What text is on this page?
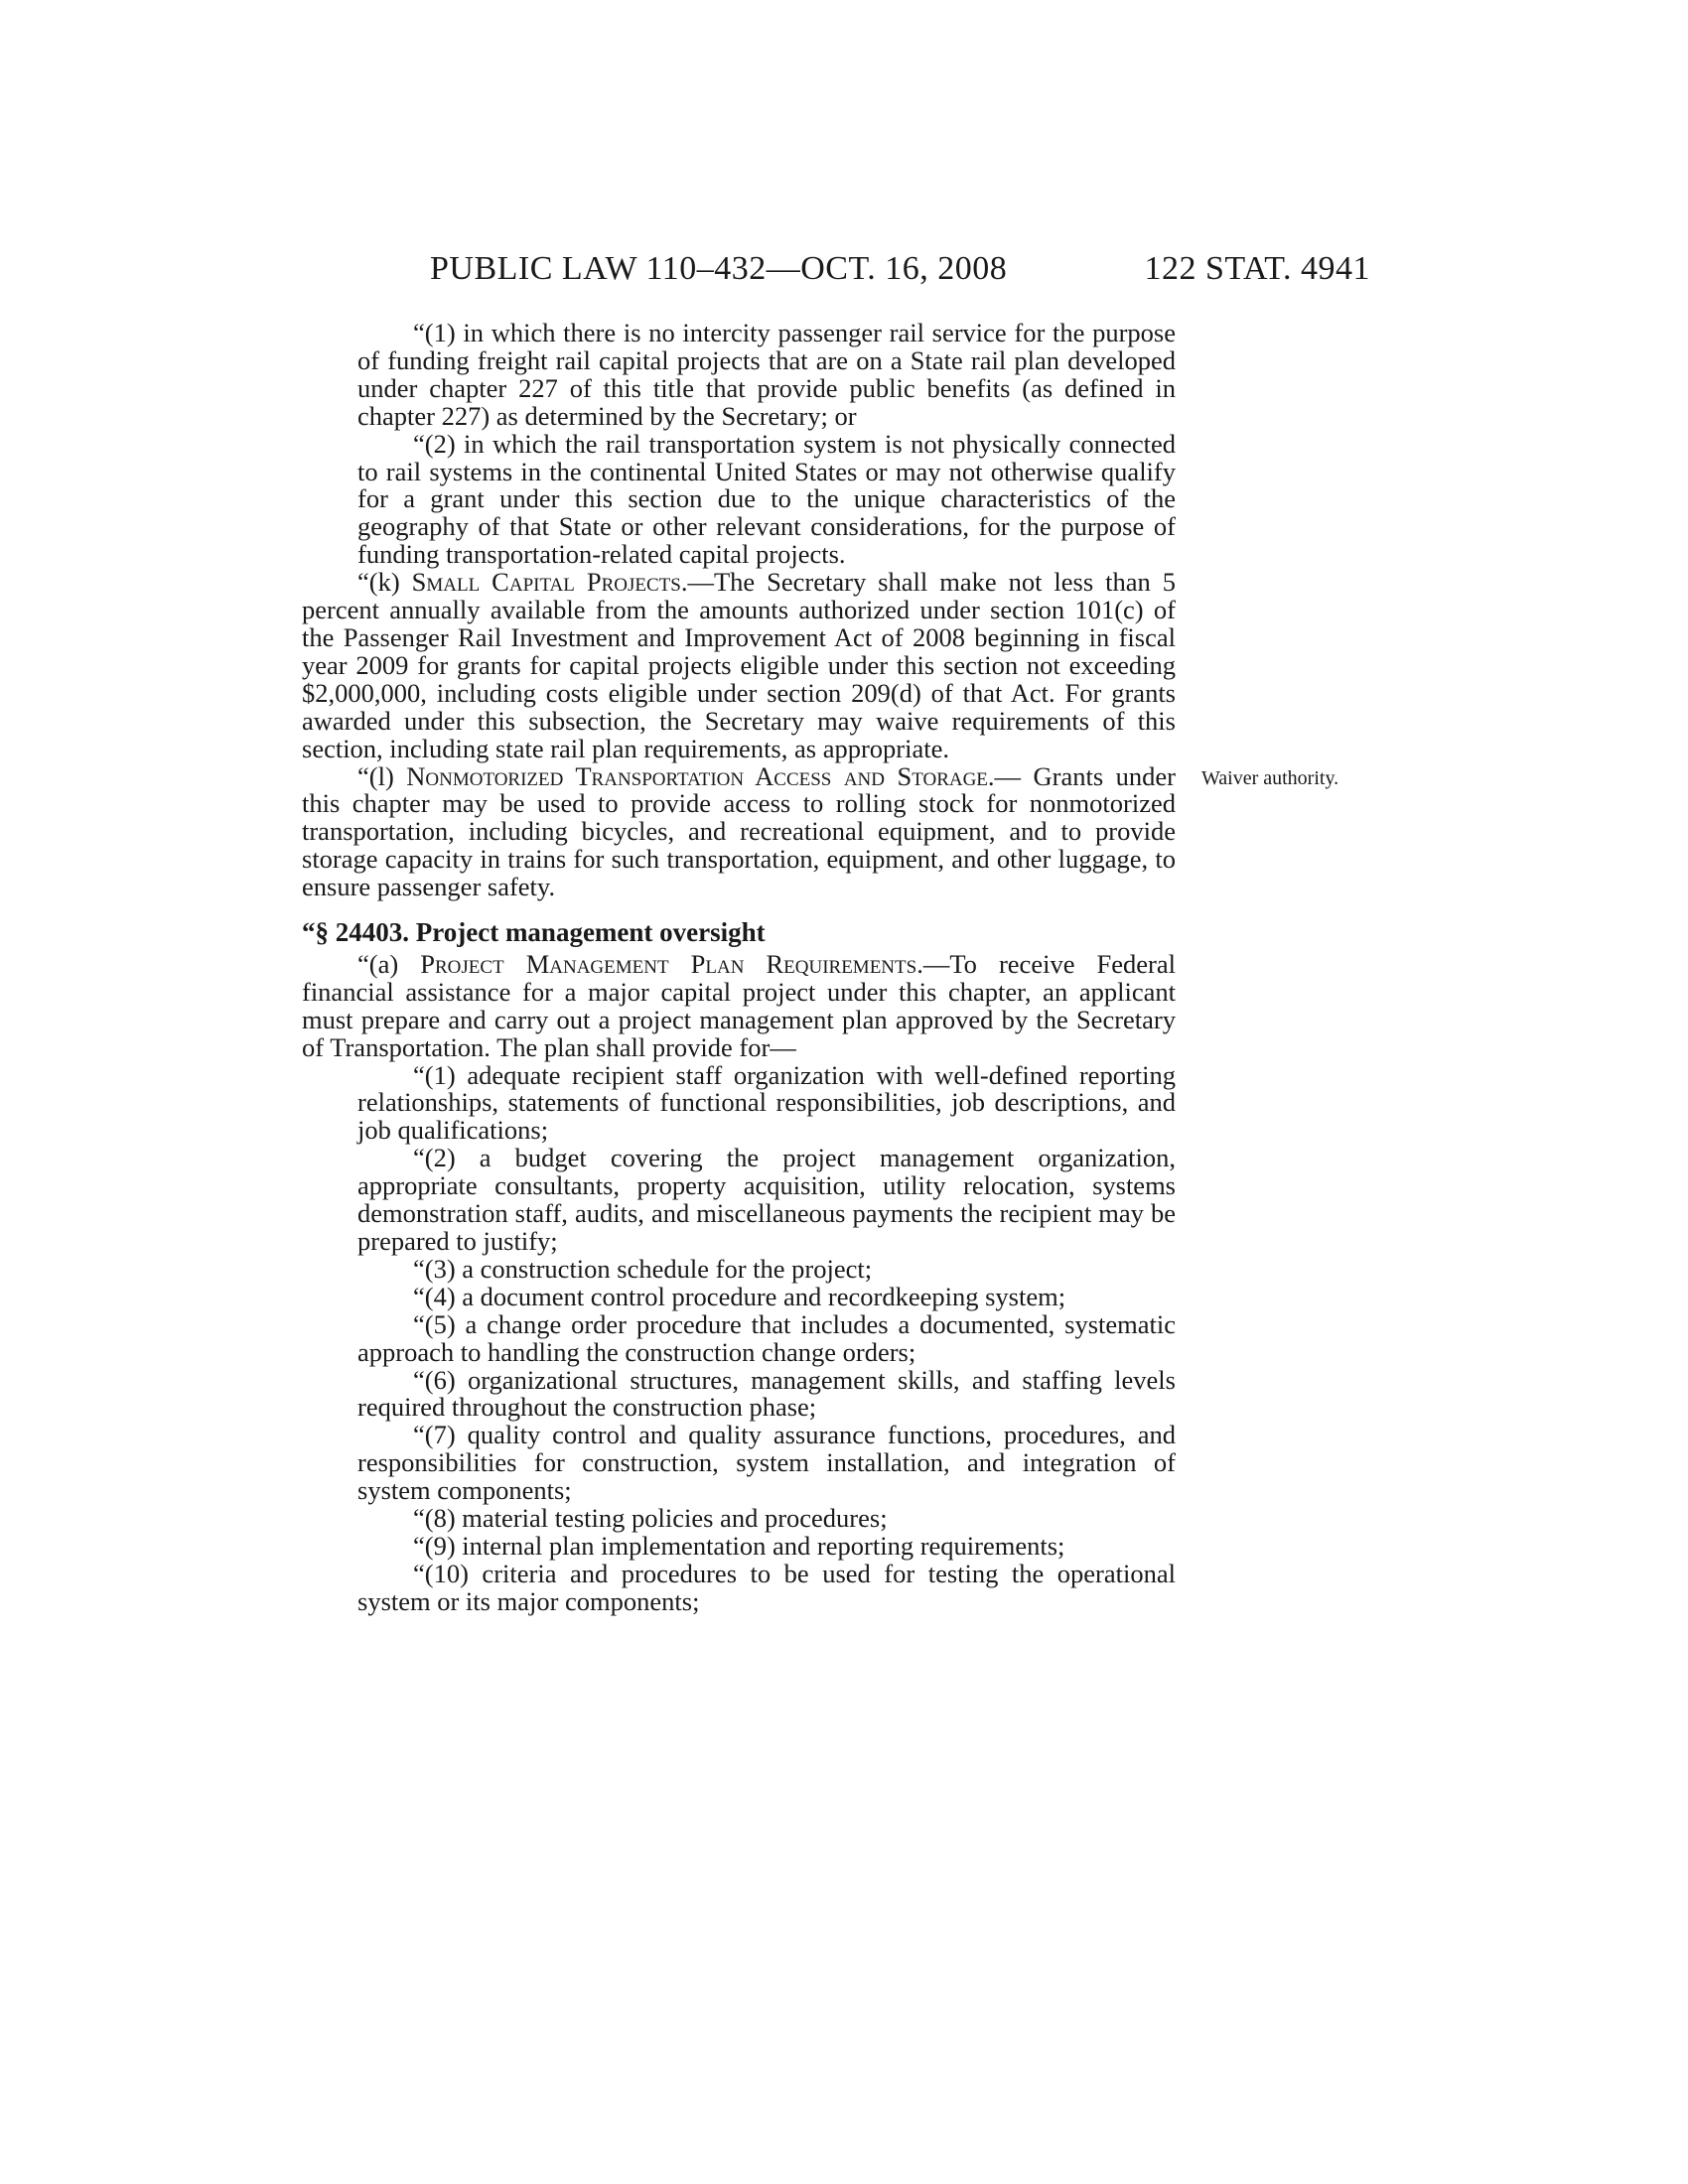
PUBLIC LAW 110–432—OCT. 16, 2008	122 STAT. 4941
Waiver authority.

“(1) in which there is no intercity passenger rail service for the purpose of funding freight rail capital projects that are on a State rail plan developed under chapter 227 of this title that provide public benefits (as defined in chapter 227) as determined by the Secretary; or

“(2) in which the rail transportation system is not physically connected to rail systems in the continental United States or may not otherwise qualify for a grant under this section due to the unique characteristics of the geography of that State or other relevant considerations, for the purpose of funding transportation-related capital projects.

“(k) Small Capital Projects.—The Secretary shall make not less than 5 percent annually available from the amounts authorized under section 101(c) of the Passenger Rail Investment and Improvement Act of 2008 beginning in fiscal year 2009 for grants for capital projects eligible under this section not exceeding $2,000,000, including costs eligible under section 209(d) of that Act. For grants awarded under this subsection, the Secretary may waive requirements of this section, including state rail plan requirements, as appropriate.

“(l) Nonmotorized Transportation Access and Storage.— Grants under this chapter may be used to provide access to rolling stock for nonmotorized transportation, including bicycles, and recreational equipment, and to provide storage capacity in trains for such transportation, equipment, and other luggage, to ensure passenger safety.

“§ 24403. Project management oversight

“(a) Project Management Plan Requirements.—To receive Federal financial assistance for a major capital project under this chapter, an applicant must prepare and carry out a project management plan approved by the Secretary of Transportation. The plan shall provide for—

“(1) adequate recipient staff organization with well-defined reporting relationships, statements of functional responsibilities, job descriptions, and job qualifications;

“(2) a budget covering the project management organization, appropriate consultants, property acquisition, utility relocation, systems demonstration staff, audits, and miscellaneous payments the recipient may be prepared to justify;

“(3) a construction schedule for the project;

“(4) a document control procedure and recordkeeping system;

“(5) a change order procedure that includes a documented, systematic approach to handling the construction change orders;

“(6) organizational structures, management skills, and staffing levels required throughout the construction phase;

“(7) quality control and quality assurance functions, procedures, and responsibilities for construction, system installation, and integration of system components;

“(8) material testing policies and procedures;

“(9) internal plan implementation and reporting requirements;

“(10) criteria and procedures to be used for testing the operational system or its major components;
